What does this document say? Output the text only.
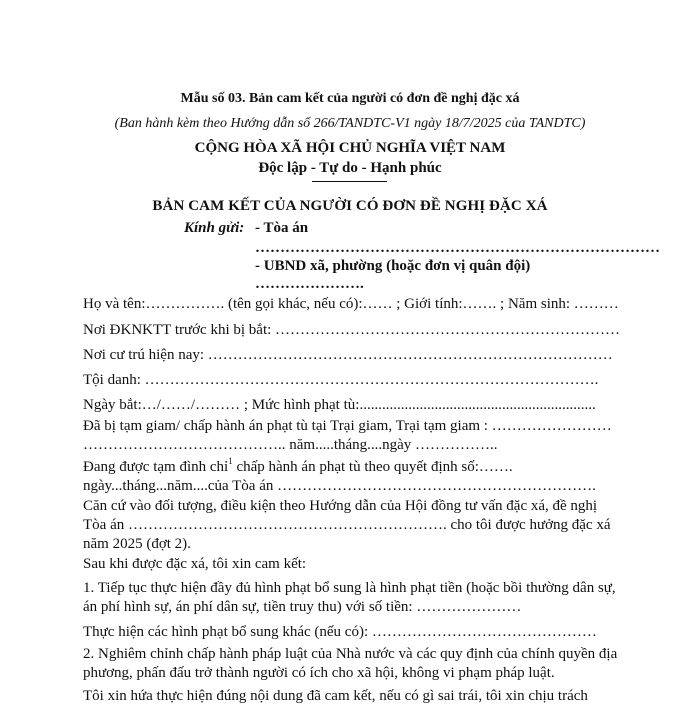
Mẫu số 03. Bản cam kết của người có đơn đề nghị đặc xá
(Ban hành kèm theo Hướng dẫn số 266/TANDTC-V1 ngày 18/7/2025 của TANDTC)
CỘNG HÒA XÃ HỘI CHỦ NGHĨA VIỆT NAM
Độc lập - Tự do - Hạnh phúc
BẢN CAM KẾT CỦA NGƯỜI CÓ ĐƠN ĐỀ NGHỊ ĐẶC XÁ
Kính gửi: - Tòa án
………………………………………………………………………
- UBND xã, phường (hoặc đơn vị quân đội)
………………….
Họ và tên:……………. (tên gọi khác, nếu có):…… ; Giới tính:……. ; Năm sinh: ………
Nơi ĐKNKTT trước khi bị bắt: ……………………………………………………………
Nơi cư trú hiện nay: ………………………………………………………………………
Tội danh: ……………………………………………………………………………….
Ngày bắt:…/……/……… ; Mức hình phạt tù:...............................................................
Đã bị tạm giam/ chấp hành án phạt tù tại Trại giam, Trại tạm giam : ……………………
………………………………….. năm.....tháng....ngày ……………..
Đang được tạm đình chỉ$^1$ chấp hành án phạt tù theo quyết định số:…….
ngày...tháng...năm....của Tòa án ……………………………………………………….
Căn cứ vào đối tượng, điều kiện theo Hướng dẫn của Hội đồng tư vấn đặc xá, đề nghị
Tòa án ………………………………………………………. cho tôi được hưởng đặc xá
năm 2025 (đợt 2).
Sau khi được đặc xá, tôi xin cam kết:
1. Tiếp tục thực hiện đầy đủ hình phạt bổ sung là hình phạt tiền (hoặc bồi thường dân sự,
án phí hình sự, án phí dân sự, tiền truy thu) với số tiền: …………………
Thực hiện các hình phạt bổ sung khác (nếu có): ………………………………………
2. Nghiêm chỉnh chấp hành pháp luật của Nhà nước và các quy định của chính quyền địa
phương, phấn đấu trở thành người có ích cho xã hội, không vi phạm pháp luật.
Tôi xin hứa thực hiện đúng nội dung đã cam kết, nếu có gì sai trái, tôi xin chịu trách
